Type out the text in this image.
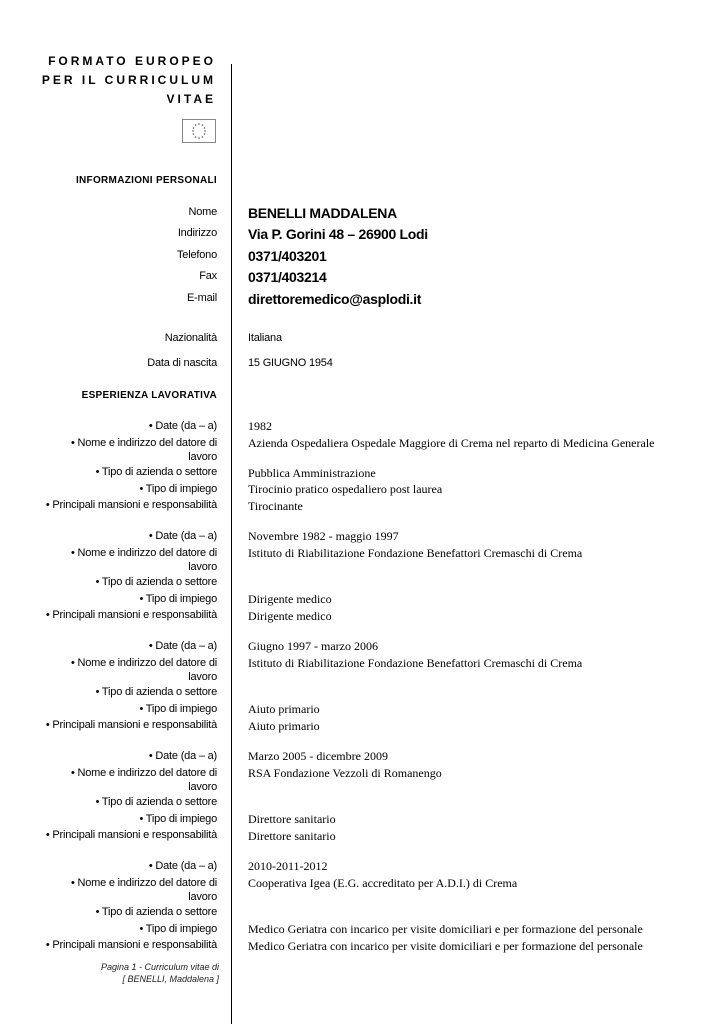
FORMATO EUROPEO
PER IL CURRICULUM
VITAE
INFORMAZIONI PERSONALI
Nome BENELLI MADDALENA
Indirizzo Via P. Gorini 48 – 26900 Lodi
Telefono 0371/403201
Fax 0371/403214
E-mail direttoremedico@asplodi.it
Nazionalità	Italiana
Data di nascita	15 GIUGNO 1954
ESPERIENZA LAVORATIVA
• Date (da – a)	1982
• Nome e indirizzo del datore di lavoro
Azienda Ospedaliera Ospedale Maggiore di Crema nel reparto di Medicina Generale
• Tipo di azienda o settore	Pubblica Amministrazione
• Tipo di impiego	Tirocinio pratico ospedaliero post laurea
• Principali mansioni e responsabilità	Tirocinante
• Date (da – a)	Novembre 1982 - maggio 1997
• Nome e indirizzo del datore di lavoro
Istituto di Riabilitazione Fondazione Benefattori Cremaschi di Crema
• Tipo di azienda o settore
• Tipo di impiego	Dirigente medico
• Principali mansioni e responsabilità	Dirigente medico
• Date (da – a)	Giugno 1997 - marzo 2006
• Nome e indirizzo del datore di lavoro
Istituto di Riabilitazione Fondazione Benefattori Cremaschi di Crema
• Tipo di azienda o settore
• Tipo di impiego	Aiuto primario
• Principali mansioni e responsabilità	Aiuto primario
• Date (da – a)	Marzo 2005 - dicembre 2009
• Nome e indirizzo del datore di lavoro
RSA Fondazione Vezzoli di Romanengo
• Tipo di azienda o settore
• Tipo di impiego	Direttore sanitario
• Principali mansioni e responsabilità	Direttore sanitario
• Date (da – a)	2010-2011-2012
• Nome e indirizzo del datore di lavoro
Cooperativa Igea (E.G. accreditato per A.D.I.) di Crema
• Tipo di azienda o settore
• Tipo di impiego	Medico Geriatra con incarico per visite domiciliari e per formazione del personale
• Principali mansioni e responsabilità	Medico Geriatra con incarico per visite domiciliari e per formazione del personale
Pagina 1 - Curriculum vitae di
[ BENELLI, Maddalena ]
